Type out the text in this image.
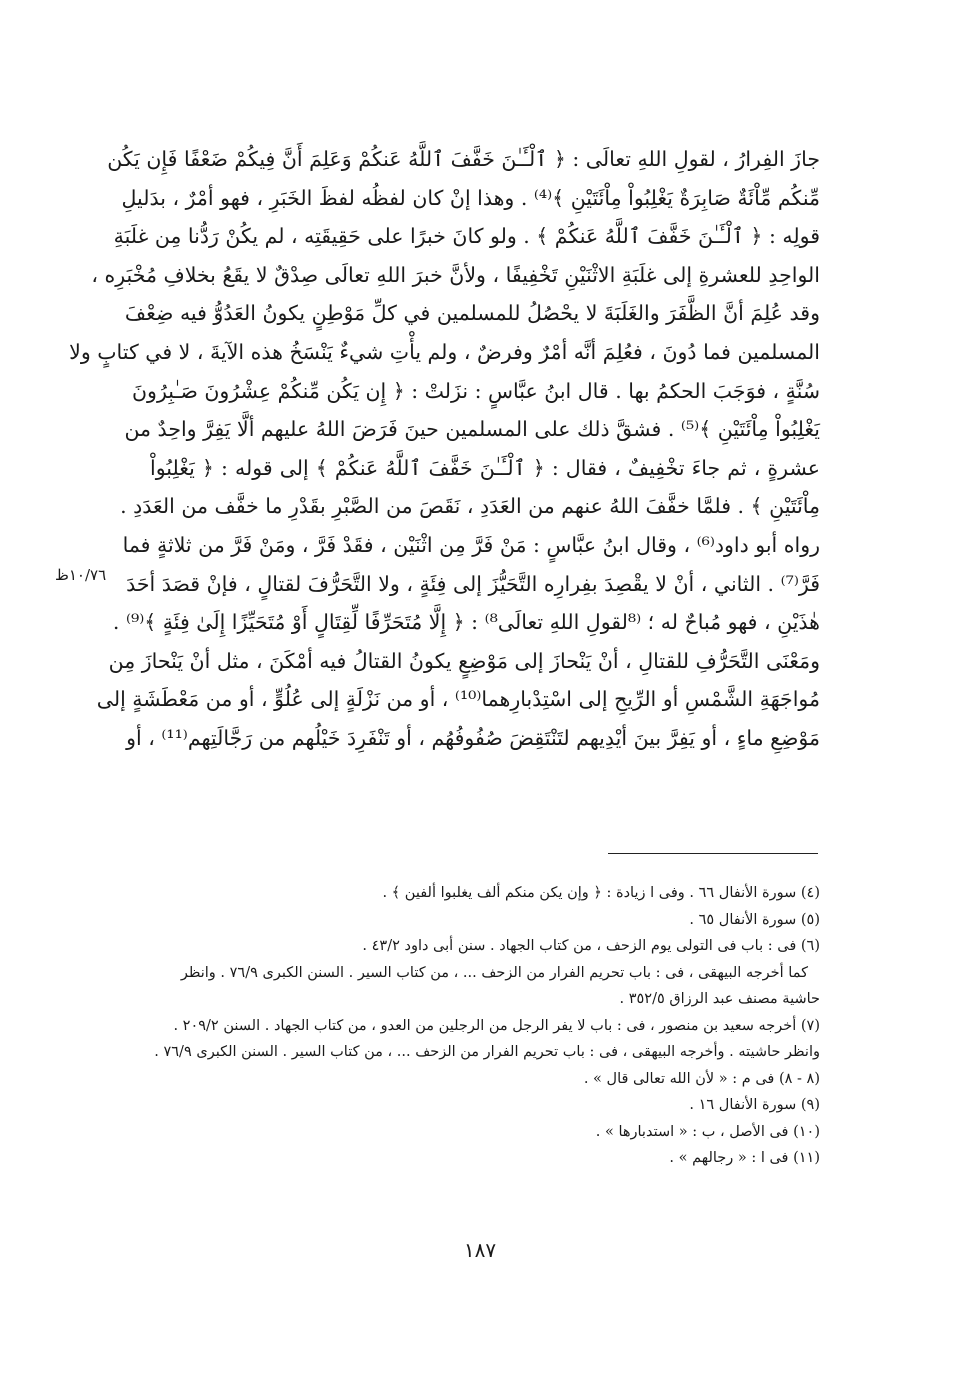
جازَ الفِرارُ ، لقولِ اللهِ تعالَى : ﴿ ٱلْـَٔـٰنَ خَفَّفَ ٱللَّهُ عَنكُمْ وَعَلِمَ أَنَّ فِيكُمْ ضَعْفًا فَإِن يَكُن
مِّنكُم مِّاْئَةٌ صَابِرَةٌ يَغْلِبُواْ مِاْئَتَيْنِ ﴾⁽⁴⁾ . وهذا إنْ كان لفظُه لفظَ الخَبَرِ ، فهو أمْرٌ ، بدَليلِ
قولِه : ﴿ ٱلْـَٔـٰنَ خَفَّفَ ٱللَّهُ عَنكُمْ ﴾ . ولو كانَ خبرًا على حَقِيقَتِه ، لم يكُنْ رَدُّنا مِن غلَبَةِ
الواحِدِ للعشرةِ إلى غلَبَةِ الاثْنَيْنِ تَخْفِيفًا ، ولأنَّ خبرَ اللهِ تعالَى صِدْقٌ لا يقَعُ بخلافِ مُخْبَرِه ،
وقد عُلِمَ أنَّ الظَّفَرَ والغَلَبَةَ لا يحْصُلُ للمسلمين في كلِّ مَوْطِنٍ يكونُ العَدُوُّ فيه ضِعْفَ
المسلمين فما دُونَ ، فعُلِمَ أنَّه أمْرٌ وفرضٌ ، ولم يأْتِ شيءٌ يَنْسَخُ هذه الآيةَ ، لا في كتابٍ ولا
سُنَّةٍ ، فوَجَبَ الحكمُ بها . قال ابنُ عبَّاسٍ : نزَلتْ : ﴿ إِن يَكُن مِّنكُمْ عِشْرُونَ صَـٰبِرُونَ
يَغْلِبُواْ مِاْئَتَيْنِ ﴾⁽⁵⁾ . فشقَّ ذلك على المسلمين حينَ فَرَضَ اللهُ عليهم ألَّا يَفِرَّ واحِدٌ من
عشرةٍ ، ثم جاءَ تخْفِيفٌ ، فقال : ﴿ ٱلْـَٔـٰنَ خَفَّفَ ٱللَّهُ عَنكُمْ ﴾ إلى قوله : ﴿ يَغْلِبُواْ
مِاْئَتَيْنِ ﴾ . فلمَّا خفَّفَ اللهُ عنهم من العَدَدِ ، نَقَصَ من الصَّبْرِ بقَدْرِ ما خفَّف من العَدَدِ .
رواه أبو داود⁽⁶⁾ ، وقال ابنُ عبَّاسٍ : مَنْ فَرَّ مِن اثْنَيْن ، فقَدْ فَرَّ ، ومَنْ فَرَّ من ثلاثةٍ فما
فَرَّ⁽⁷⁾ . الثاني ، أنْ لا يقْصِدَ بفِرارِه التَّحَيُّزَ إلى فِئَةٍ ، ولا التَّحَرُّفَ لقتالٍ ، فإنْ قصَدَ أحَدَ
هٰذَيْنِ ، فهو مُباحٌ له ؛ ⁽⁸لقولِ اللهِ تعالَى⁸⁾ : ﴿ إِلَّا مُتَحَرِّفًا لِّقِتَالٍ أَوْ مُتَحَيِّزًا إِلَىٰ فِئَةٍ ﴾⁽⁹⁾ .
ومَعْنَى التَّحَرُّفِ للقتالِ ، أنْ يَنْحازَ إلى مَوْضِعٍ يكونُ القتالُ فيه أمْكَنَ ، مثل أنْ يَنْحازَ مِن
مُواجَهَةِ الشَّمْسِ أو الرِّيحِ إلى اسْتِدْبارِهما⁽¹⁰⁾ ، أو من نَزْلَةٍ إلى عُلُوٍّ ، أو من مَعْطَشَةٍ إلى
مَوْضِعِ ماءٍ ، أو يَفِرَّ بينَ أيْدِيهم لتَنْتَقِضَ صُفُوفُهُم ، أو تَنْفَرِدَ خَيْلُهم من رَجَّالَتِهم⁽¹¹⁾ ، أو
١٠/٧٦ظ
(٤) سورة الأنفال ٦٦ . وفى ا زيادة : ﴿ وإن يكن منكم ألف يغلبوا ألفين ﴾ .
(٥) سورة الأنفال ٦٥ .
(٦) فى : باب فى التولى يوم الزحف ، من كتاب الجهاد . سنن أبى داود ٤٣/٢ .
كما أخرجه البيهقى ، فى : باب تحريم الفرار من الزحف ... ، من كتاب السير . السنن الكبرى ٧٦/٩ . وانظر
حاشية مصنف عبد الرزاق ٣٥٢/٥ .
(٧) أخرجه سعيد بن منصور ، فى : باب لا يفر الرجل من الرجلين من العدو ، من كتاب الجهاد . السنن ٢٠٩/٢ .
وانظر حاشيته . وأخرجه البيهقى ، فى : باب تحريم الفرار من الزحف ... ، من كتاب السير . السنن الكبرى ٧٦/٩ .
(٨ - ٨) فى م : « لأن الله تعالى قال » .
(٩) سورة الأنفال ١٦ .
(١٠) فى الأصل ، ب : « استدبارها » .
(١١) فى ا : « رجالهم » .
١٨٧
